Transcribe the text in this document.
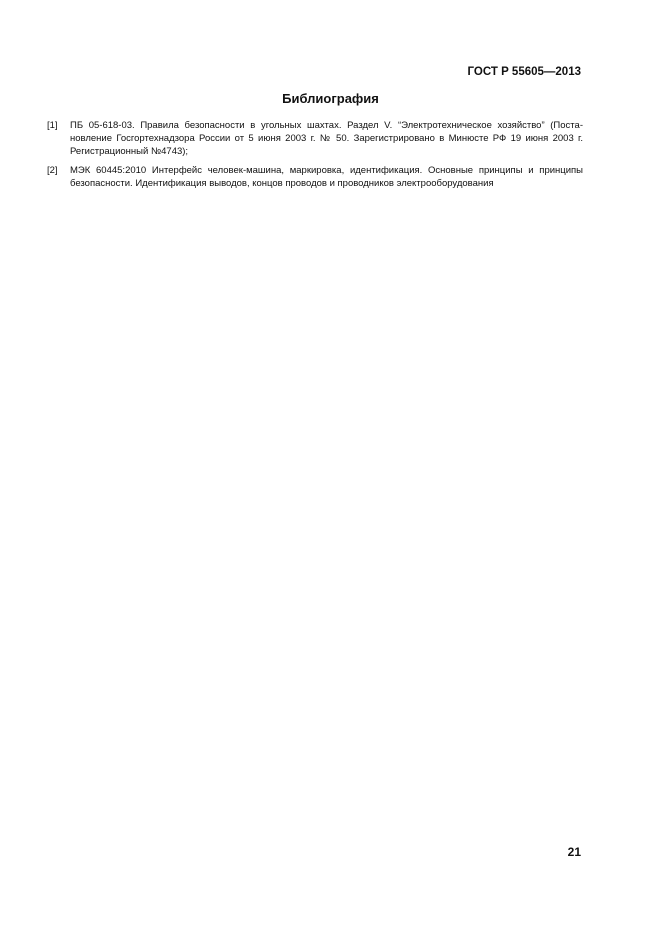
ГОСТ Р 55605—2013
Библиография
[1] ПБ 05-618-03. Правила безопасности в угольных шахтах. Раздел V. “Электротехническое хозяйство” (Постановление Госгортехнадзора России от 5 июня 2003 г. № 50. Зарегистрировано в Минюсте РФ 19 июня 2003 г. Регистрационный №4743);
[2] МЭК 60445:2010 Интерфейс человек-машина, маркировка, идентификация. Основные принципы и принципы безопасности. Идентификация выводов, концов проводов и проводников электрооборудования
21
